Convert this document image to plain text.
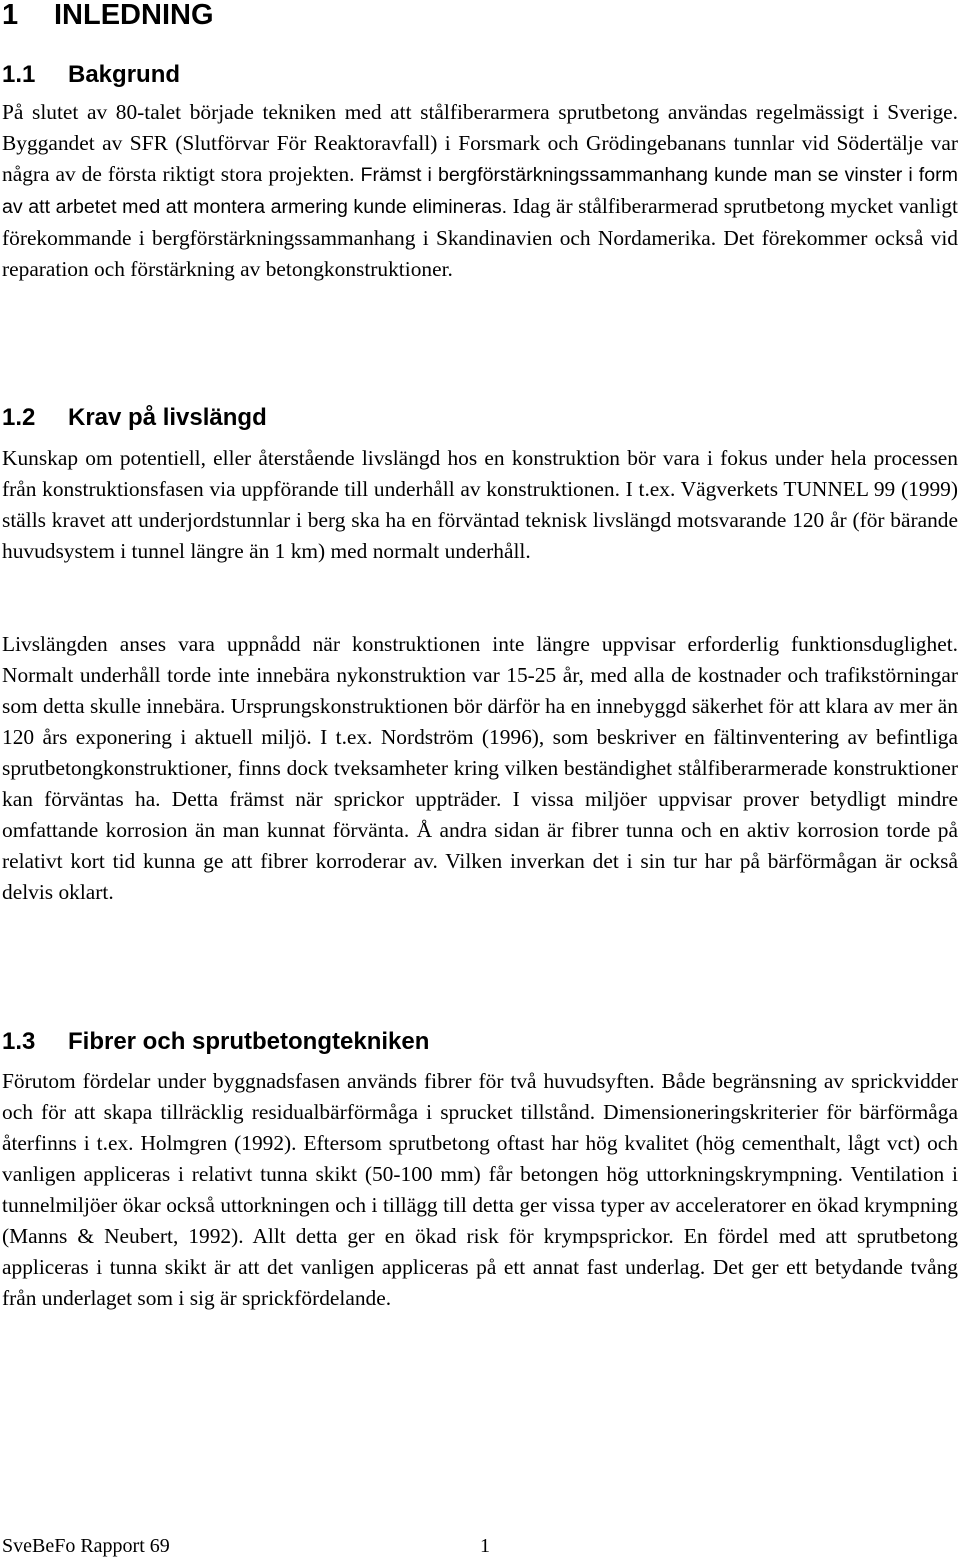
1 INLEDNING
1.1 Bakgrund

På slutet av 80-talet började tekniken med att stålfiberarmera sprutbetong användas regelmässigt i Sverige. Byggandet av SFR (Slutförvar För Reaktoravfall) i Forsmark och Grödingebanans tunnlar vid Södertälje var några av de första riktigt stora projekten. Främst i bergförstärkningssammanhang kunde man se vinster i form av att arbetet med att montera armering kunde elimineras. Idag är stålfiberarmerad sprutbetong mycket vanligt förekommande i bergförstärkningssammanhang i Skandinavien och Nordamerika. Det förekommer också vid reparation och förstärkning av betongkonstruktioner.

1.2 Krav på livslängd

Kunskap om potentiell, eller återstående livslängd hos en konstruktion bör vara i fokus under hela processen från konstruktionsfasen via uppförande till underhåll av konstruktionen. I t.ex. Vägverkets TUNNEL 99 (1999) ställs kravet att underjordstunnlar i berg ska ha en förväntad teknisk livslängd motsvarande 120 år (för bärande huvudsystem i tunnel längre än 1 km) med normalt underhåll.

Livslängden anses vara uppnådd när konstruktionen inte längre uppvisar erforderlig funktionsduglighet. Normalt underhåll torde inte innebära nykonstruktion var 15-25 år, med alla de kostnader och trafikstörningar som detta skulle innebära. Ursprungskonstruktionen bör därför ha en innebyggd säkerhet för att klara av mer än 120 års exponering i aktuell miljö. I t.ex. Nordström (1996), som beskriver en fältinventering av befintliga sprutbetongkonstruktioner, finns dock tveksamheter kring vilken beständighet stålfiberarmerade konstruktioner kan förväntas ha. Detta främst när sprickor uppträder. I vissa miljöer uppvisar prover betydligt mindre omfattande korrosion än man kunnat förvänta. Å andra sidan är fibrer tunna och en aktiv korrosion torde på relativt kort tid kunna ge att fibrer korroderar av. Vilken inverkan det i sin tur har på bärförmågan är också delvis oklart.

1.3 Fibrer och sprutbetongtekniken

Förutom fördelar under byggnadsfasen används fibrer för två huvudsyften. Både begränsning av sprickvidder och för att skapa tillräcklig residualbärförmåga i sprucket tillstånd. Dimensioneringskriterier för bärförmåga återfinns i t.ex. Holmgren (1992). Eftersom sprutbetong oftast har hög kvalitet (hög cementhalt, lågt vct) och vanligen appliceras i relativt tunna skikt (50-100 mm) får betongen hög uttorkningskrympning. Ventilation i tunnelmiljöer ökar också uttorkningen och i tillägg till detta ger vissa typer av acceleratorer en ökad krympning (Manns & Neubert, 1992). Allt detta ger en ökad risk för krympsprickor. En fördel med att sprutbetong appliceras i tunna skikt är att det vanligen appliceras på ett annat fast underlag. Det ger ett betydande tvång från underlaget som i sig är sprickfördelande.

SveBeFo Rapport 69	1
